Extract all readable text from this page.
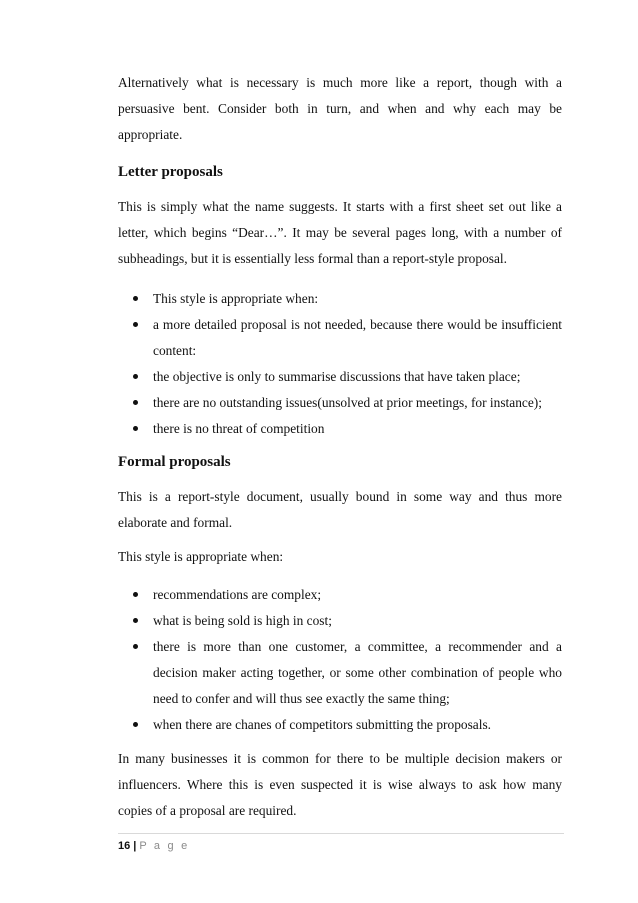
Alternatively what is necessary is much more like a report, though with a persuasive bent. Consider both in turn, and when and why each may be appropriate.

Letter proposals

This is simply what the name suggests. It starts with a first sheet set out like a letter, which begins “Dear…”. It may be several pages long, with a number of subheadings, but it is essentially less formal than a report-style proposal.

This style is appropriate when:
a more detailed proposal is not needed, because there would be insufficient content:
the objective is only to summarise discussions that have taken place;
there are no outstanding issues(unsolved at prior meetings, for instance);
there is no threat of competition
Formal proposals

This is a report-style document, usually bound in some way and thus more elaborate and formal.

This style is appropriate when:

recommendations are complex;
what is being sold is high in cost;
there is more than one customer, a committee, a recommender and a decision maker acting together, or some other combination of people who need to confer and will thus see exactly the same thing;
when there are chanes of competitors submitting the proposals.

In many businesses it is common for there to be multiple decision makers or influencers. Where this is even suspected it is wise always to ask how many copies of a proposal are required.

16 | P a g e
